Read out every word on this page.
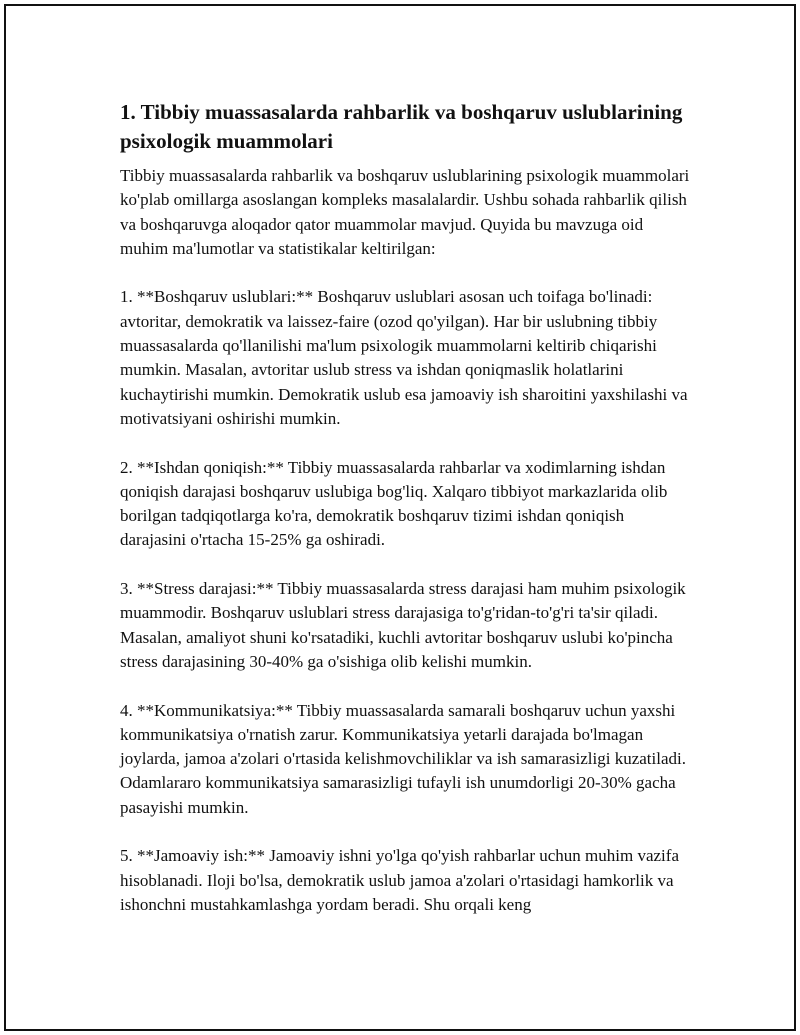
1. Tibbiy muassasalarda rahbarlik va boshqaruv uslublarining psixologik muammolari

Tibbiy muassasalarda rahbarlik va boshqaruv uslublarining psixologik muammolari ko'plab omillarga asoslangan kompleks masalalardir. Ushbu sohada rahbarlik qilish va boshqaruvga aloqador qator muammolar mavjud. Quyida bu mavzuga oid muhim ma'lumotlar va statistikalar keltirilgan:

1. **Boshqaruv uslublari:** Boshqaruv uslublari asosan uch toifaga bo'linadi: avtoritar, demokratik va laissez-faire (ozod qo'yilgan). Har bir uslubning tibbiy muassasalarda qo'llanilishi ma'lum psixologik muammolarni keltirib chiqarishi mumkin. Masalan, avtoritar uslub stress va ishdan qoniqmaslik holatlarini kuchaytirishi mumkin. Demokratik uslub esa jamoaviy ish sharoitini yaxshilashi va motivatsiyani oshirishi mumkin.

2. **Ishdan qoniqish:** Tibbiy muassasalarda rahbarlar va xodimlarning ishdan qoniqish darajasi boshqaruv uslubiga bog'liq. Xalqaro tibbiyot markazlarida olib borilgan tadqiqotlarga ko'ra, demokratik boshqaruv tizimi ishdan qoniqish darajasini o'rtacha 15-25% ga oshiradi.

3. **Stress darajasi:** Tibbiy muassasalarda stress darajasi ham muhim psixologik muammodir. Boshqaruv uslublari stress darajasiga to'g'ridan-to'g'ri ta'sir qiladi. Masalan, amaliyot shuni ko'rsatadiki, kuchli avtoritar boshqaruv uslubi ko'pincha stress darajasining 30-40% ga o'sishiga olib kelishi mumkin.

4. **Kommunikatsiya:** Tibbiy muassasalarda samarali boshqaruv uchun yaxshi kommunikatsiya o'rnatish zarur. Kommunikatsiya yetarli darajada bo'lmagan joylarda, jamoa a'zolari o'rtasida kelishmovchiliklar va ish samarasizligi kuzatiladi. Odamlararo kommunikatsiya samarasizligi tufayli ish unumdorligi 20-30% gacha pasayishi mumkin.

5. **Jamoaviy ish:** Jamoaviy ishni yo'lga qo'yish rahbarlar uchun muhim vazifa hisoblanadi. Iloji bo'lsa, demokratik uslub jamoa a'zolari o'rtasidagi hamkorlik va ishonchni mustahkamlashga yordam beradi. Shu orqali keng
